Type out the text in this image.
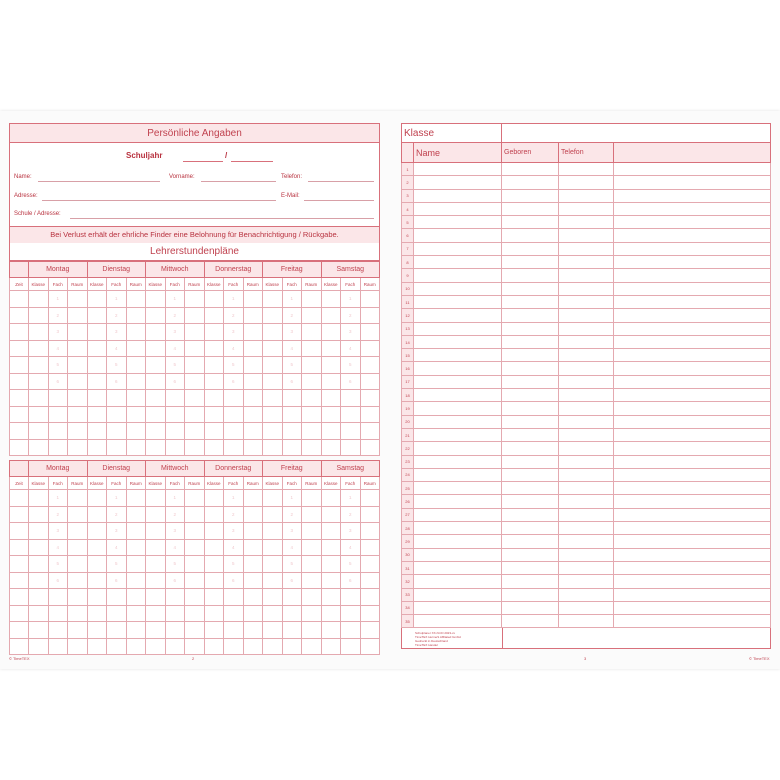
Persönliche Angaben
Schuljahr	/
Name:	Vorname:	Telefon:
Adresse:	E-Mail:
Schule / Adresse:
Bei Verlust erhält der ehrliche Finder eine Belohnung für Benachrichtigung / Rückgabe.
Lehrerstundenpläne
	Montag			Dienstag			Mittwoch			Donnerstag			Freitag			Samstag		
Zeit	Klasse	Fach	Raum	Klasse	Fach	Raum	Klasse	Fach	Raum	Klasse	Fach	Raum	Klasse	Fach	Raum	Klasse	Fach	Raum
		1			1			1			1			1			1	
		2			2			2			2			2			2	
		3			3			3			3			3			3	
		4			4			4			4			4			4	
		5			5			5			5			5			5	
		6			6			6			6			6			6	

	Montag			Dienstag			Mittwoch			Donnerstag			Freitag			Samstag		
Zeit	Klasse	Fach	Raum	Klasse	Fach	Raum	Klasse	Fach	Raum	Klasse	Fach	Raum	Klasse	Fach	Raum	Klasse	Fach	Raum
		1			1			1			1			1			1	
		2			2			2			2			2			2	
		3			3			3			3			3			3	
		4			4			4			4			4			4	
		5			5			5			5			5			5	
		6			6			6			6			6			6	

© TimeTEX	2
Klasse				
	Name	Geboren	Telefon	
1				
2				
3				
4				
5				
6				
7				
8				
9				
10				
11				
12				
13				
14				
15				
16				
17				
18				
19				
20				
21				
22				
23				
24				
25				
26				
27				
28				
29				
30				
31				
32				
33				
34				
35				
Schulplaner XX-Nr.ID 2023-xx
TimeTEX HermeS Affiliated GmbH
Gedruckt in Deutschland
TimeTEX Handel
3	© TimeTEX
